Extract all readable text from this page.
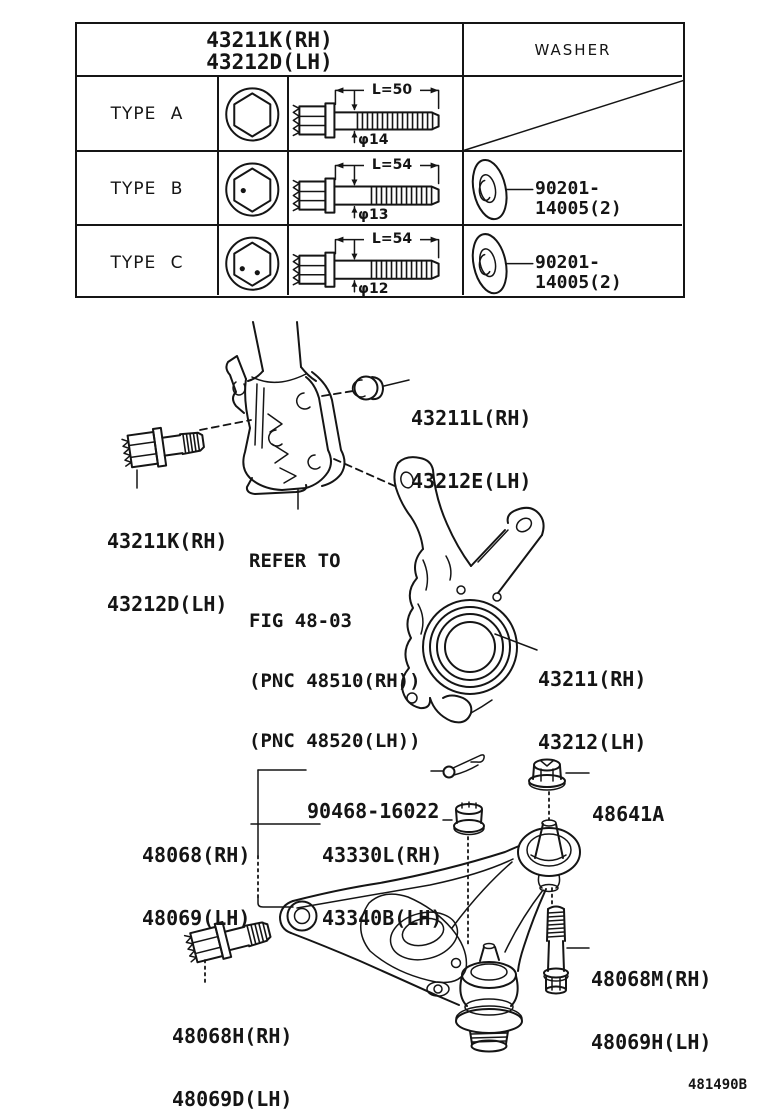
43211K(RH)
43212D(LH)
WASHER
TYPE A
TYPE B
TYPE C
L=50
φ14
L=54
φ13
L=54
φ12
90201-14005(2)
90201-14005(2)

43211L(RH)

43212E(LH)

43211K(RH)

43212D(LH)

REFER TO

FIG 48-03

(PNC 48510(RH))

(PNC 48520(LH))

43211(RH)

43212(LH)

90468-16022

	48641A

48068(RH)

48069(LH)

43330L(RH)

43340B(LH)

48068M(RH)

48069H(LH)

48068H(RH)

48069D(LH)

481490B
